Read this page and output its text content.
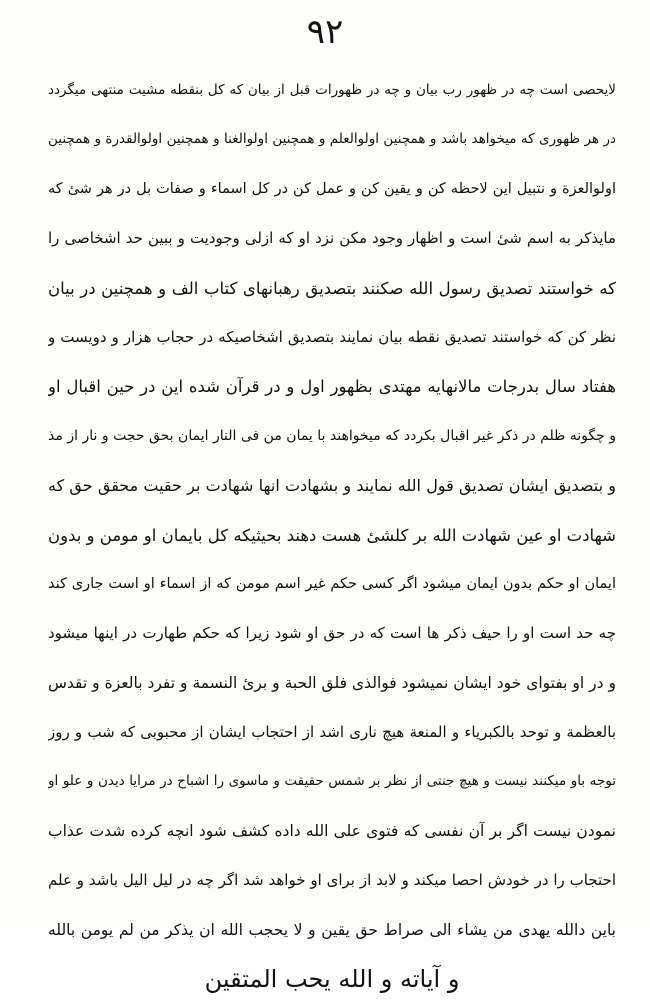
۹۲
لایحصی است چه در ظهور رب بیان و چه در ظهورات قبل از بیان که کل بنقطه مشیت منتهی میگردد
در هر ظهوری که میخواهد باشد و همچنین اولوالعلم و همچنین اولوالغنا و همچنین اولوالقدرة و همچنین
اولوالعزة و نتبیل این لاحظه کن و یقین کن و عمل کن در کل اسماء و صفات بل در هر شیٔ که
مایذکر به اسم شیٔ است و اظهار وجود مکن نزد او که ازلی وجودیت و ببین حد اشخاصی را
که خواستند تصدیق رسول الله صکنند بتصدیق رهبانهای کتاب الف و همچنین در بیان
نظر کن که خواستند تصدیق نقطه بیان نمایند بتصدیق اشخاصیکه در حجاب هزار و دویست و
هفتاد سال بدرجات مالانهایه مهتدی بظهور اول و در قرآن شده این در حین اقبال او
و چگونه ظلم در ذکر غیر اقبال بکردد که میخواهند با یمان من فی النار ایمان بحق حجت و نار از مذ
و بتصدیق ایشان تصدیق قول الله نمایند و بشهادت انها شهادت بر حقیت محقق حق که
شهادت او عین شهادت الله بر کلشیٔ هست دهند بحیثیکه کل بایمان او مومن و بدون
ایمان او حکم بدون ایمان میشود اگر کسی حکم غیر اسم مومن که از اسماء او است جاری کند
چه حد است او را حیف ذکر ها است که در حق او شود زیرا که حکم طهارت در اینها میشود
و در او بفتوای خود ایشان نمیشود فوالذی فلق الحبة و برئ النسمة و تفرد بالعزة و تقدس
بالعظمة و توحد بالکبریاء و المنعة هیچ ناری اشد از احتجاب ایشان از محبوبی که شب و روز
توجه باو میکنند نیست و هیچ جنتی از نظر بر شمس حقیقت و ماسوی را اشباح در مرایا دیدن و علو او
نمودن نیست اگر بر آن نفسی که فتوی علی الله داده کشف شود انچه کرده شدت عذاب
احتجاب را در خودش احصا میکند و لابد از برای او خواهد شد اگر چه در لیل الیل باشد و علم
باین دالله یهدی من یشاء الی صراط حق یقین و لا یحجب الله ان یذکر من لم یومن بالله
و آیاته و الله یحب المتقین
